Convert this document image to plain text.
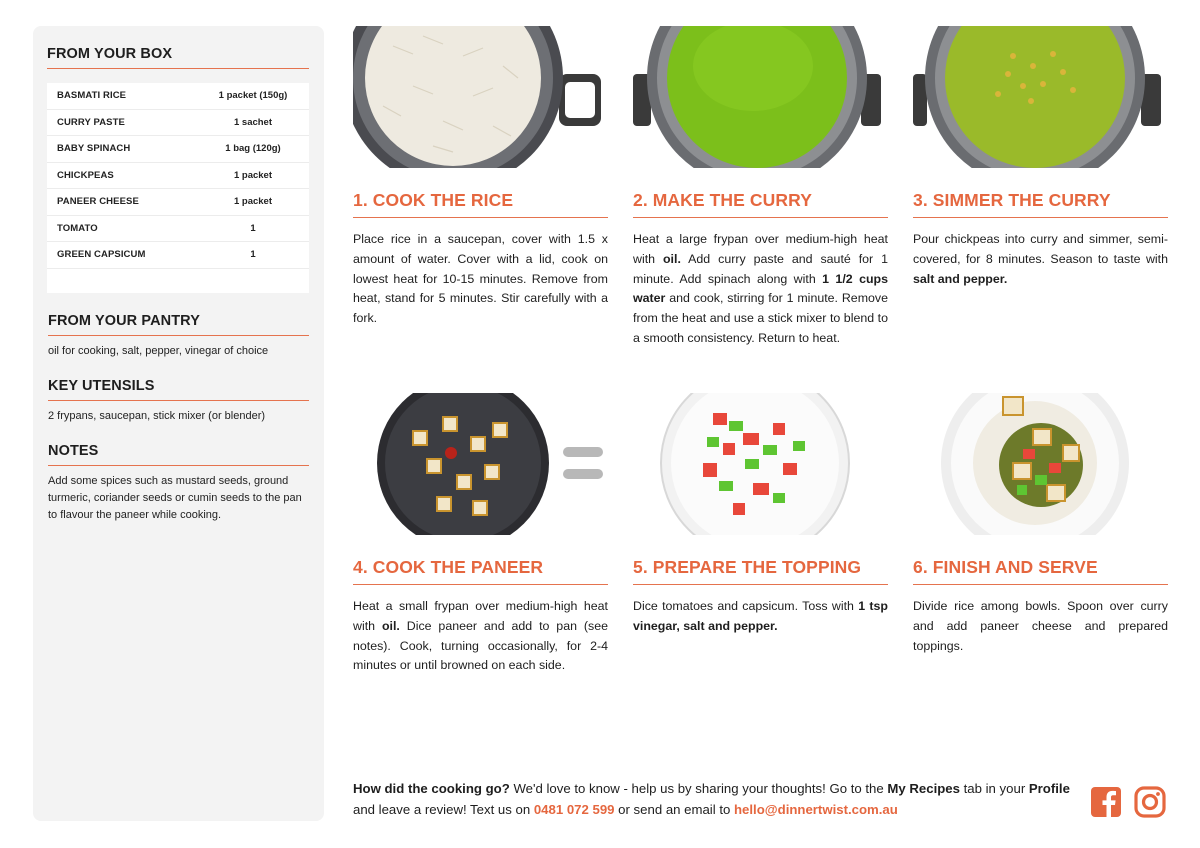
FROM YOUR BOX
BASMATI RICE	1 packet (150g)
CURRY PASTE	1 sachet
BABY SPINACH	1 bag (120g)
CHICKPEAS	1 packet
PANEER CHEESE	1 packet
TOMATO	1
GREEN CAPSICUM	1
FROM YOUR PANTRY
oil for cooking, salt, pepper, vinegar of choice
KEY UTENSILS
2 frypans, saucepan, stick mixer (or blender)
NOTES
Add some spices such as mustard seeds, ground turmeric, coriander seeds or cumin seeds to the pan to flavour the paneer while cooking.
1. COOK THE RICE
Place rice in a saucepan, cover with 1.5 x amount of water. Cover with a lid, cook on lowest heat for 10-15 minutes. Remove from heat, stand for 5 minutes. Stir carefully with a fork.
2. MAKE THE CURRY
Heat a large frypan over medium-high heat with oil. Add curry paste and sauté for 1 minute. Add spinach along with 1 1/2 cups water and cook, stirring for 1 minute. Remove from the heat and use a stick mixer to blend to a smooth consistency. Return to heat.
3. SIMMER THE CURRY
Pour chickpeas into curry and simmer, semi-covered, for 8 minutes. Season to taste with salt and pepper.
4. COOK THE PANEER
Heat a small frypan over medium-high heat with oil. Dice paneer and add to pan (see notes). Cook, turning occasionally, for 2-4 minutes or until browned on each side.
5. PREPARE THE TOPPING
Dice tomatoes and capsicum. Toss with 1 tsp vinegar, salt and pepper.
6. FINISH AND SERVE
Divide rice among bowls. Spoon over curry and add paneer cheese and prepared toppings.
How did the cooking go? We'd love to know - help us by sharing your thoughts! Go to the My Recipes tab in your Profile and leave a review! Text us on 0481 072 599 or send an email to hello@dinnertwist.com.au
